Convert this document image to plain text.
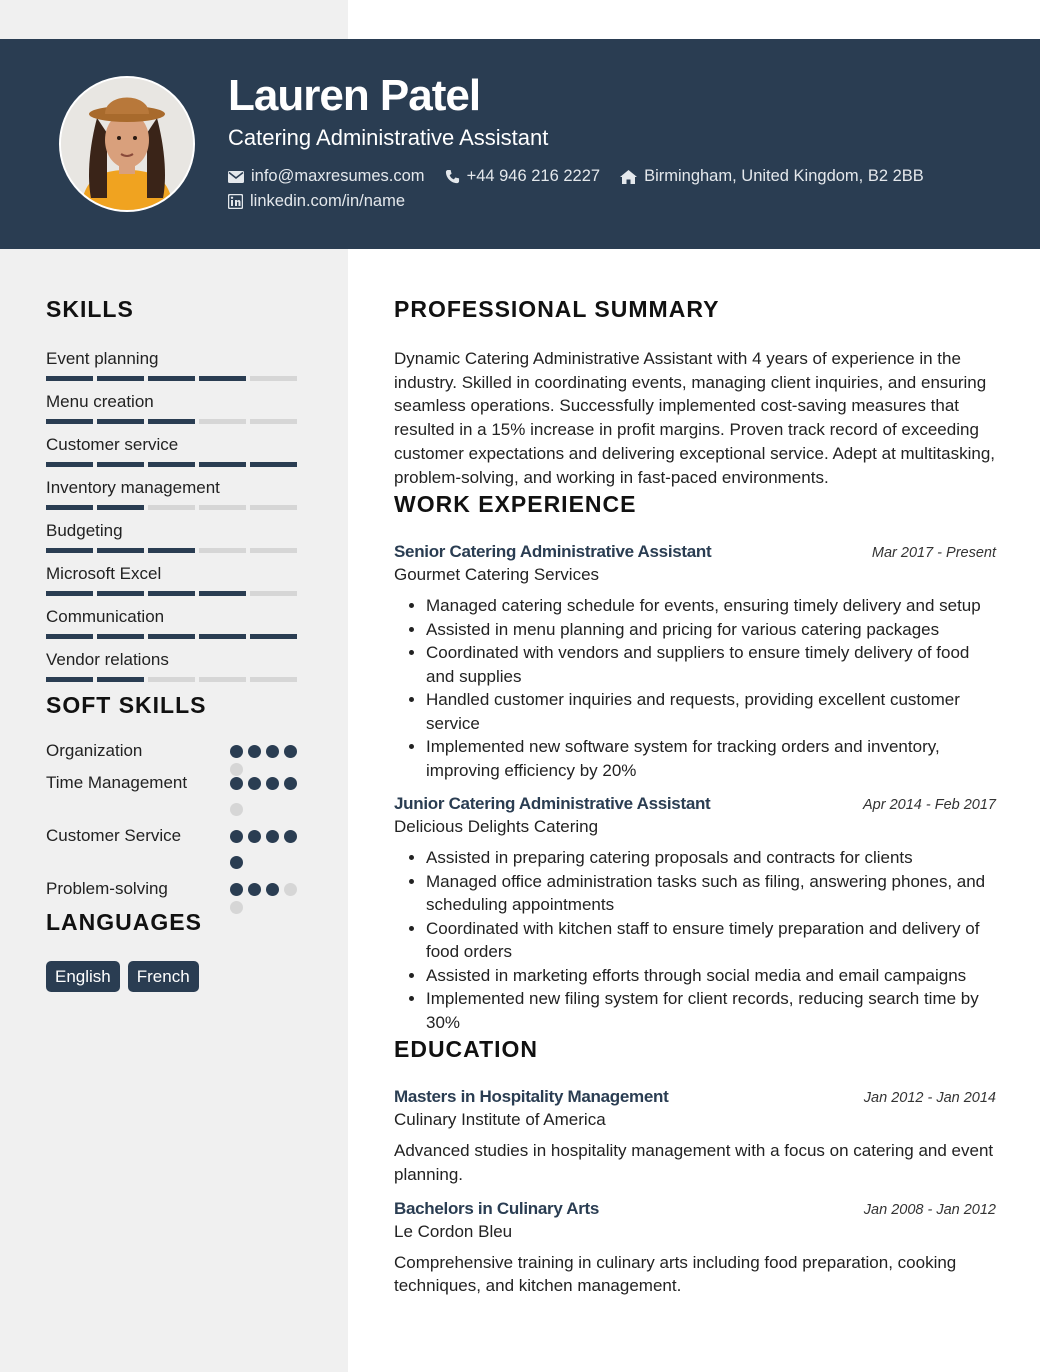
Lauren Patel
Catering Administrative Assistant
info@maxresumes.com	+44 946 216 2227	Birmingham, United Kingdom, B2 2BB
linkedin.com/in/name
SKILLS
Event planning
Menu creation
Customer service
Inventory management
Budgeting
Microsoft Excel
Communication
Vendor relations
SOFT SKILLS
Organization
Time Management
Customer Service
Problem-solving
LANGUAGES
English	French
PROFESSIONAL SUMMARY
Dynamic Catering Administrative Assistant with 4 years of experience in the industry. Skilled in coordinating events, managing client inquiries, and ensuring seamless operations. Successfully implemented cost-saving measures that resulted in a 15% increase in profit margins. Proven track record of exceeding customer expectations and delivering exceptional service. Adept at multitasking, problem-solving, and working in fast-paced environments.
WORK EXPERIENCE
Senior Catering Administrative Assistant	Mar 2017 - Present
Gourmet Catering Services
• Managed catering schedule for events, ensuring timely delivery and setup
• Assisted in menu planning and pricing for various catering packages
• Coordinated with vendors and suppliers to ensure timely delivery of food and supplies
• Handled customer inquiries and requests, providing excellent customer service
• Implemented new software system for tracking orders and inventory, improving efficiency by 20%
Junior Catering Administrative Assistant	Apr 2014 - Feb 2017
Delicious Delights Catering
• Assisted in preparing catering proposals and contracts for clients
• Managed office administration tasks such as filing, answering phones, and scheduling appointments
• Coordinated with kitchen staff to ensure timely preparation and delivery of food orders
• Assisted in marketing efforts through social media and email campaigns
• Implemented new filing system for client records, reducing search time by 30%
EDUCATION
Masters in Hospitality Management	Jan 2012 - Jan 2014
Culinary Institute of America
Advanced studies in hospitality management with a focus on catering and event planning.
Bachelors in Culinary Arts	Jan 2008 - Jan 2012
Le Cordon Bleu
Comprehensive training in culinary arts including food preparation, cooking techniques, and kitchen management.
